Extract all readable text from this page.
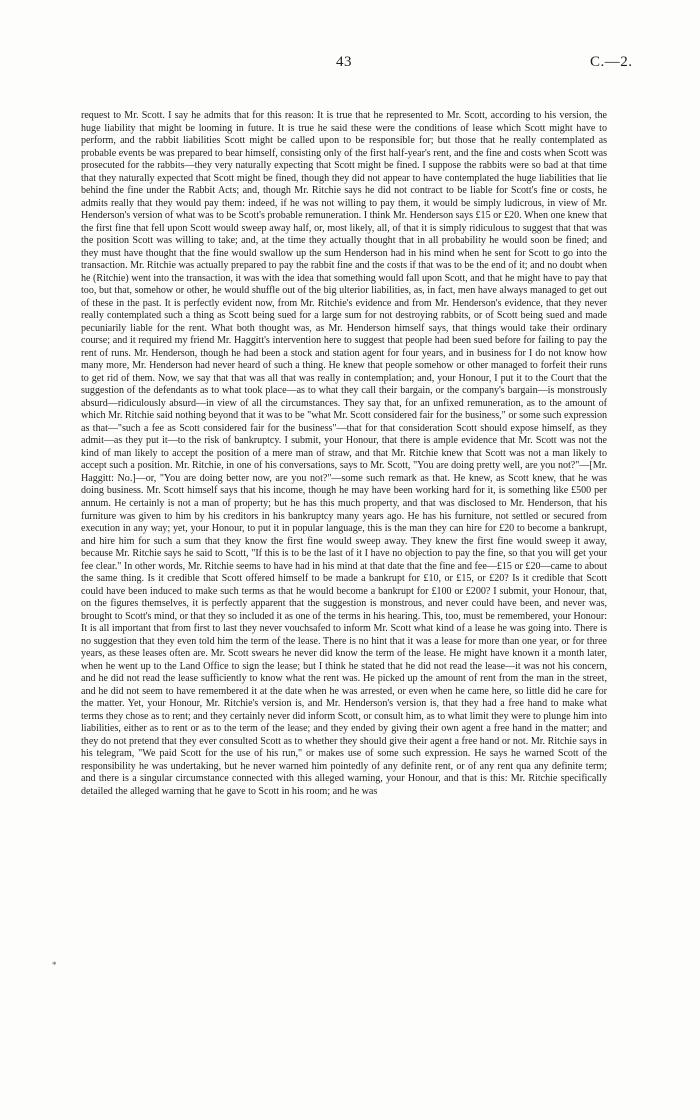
43	C.—2.

request to Mr. Scott. I say he admits that for this reason: It is true that he represented to Mr. Scott, according to his version, the huge liability that might be looming in future. It is true he said these were the conditions of lease which Scott might have to perform, and the rabbit liabilities Scott might be called upon to be responsible for; but those that he really contemplated as probable events be was prepared to bear himself, consisting only of the first half-year's rent, and the fine and costs when Scott was prosecuted for the rabbits—they very naturally expecting that Scott might be fined. I suppose the rabbits were so bad at that time that they naturally expected that Scott might be fined, though they did not appear to have contemplated the huge liabilities that lie behind the fine under the Rabbit Acts; and, though Mr. Ritchie says he did not contract to be liable for Scott's fine or costs, he admits really that they would pay them: indeed, if he was not willing to pay them, it would be simply ludicrous, in view of Mr. Henderson's version of what was to be Scott's probable remuneration. I think Mr. Henderson says £15 or £20. When one knew that the first fine that fell upon Scott would sweep away half, or, most likely, all, of that it is simply ridiculous to suggest that that was the position Scott was willing to take; and, at the time they actually thought that in all probability he would soon be fined; and they must have thought that the fine would swallow up the sum Henderson had in his mind when he sent for Scott to go into the transaction. Mr. Ritchie was actually prepared to pay the rabbit fine and the costs if that was to be the end of it; and no doubt when he (Ritchie) went into the transaction, it was with the idea that something would fall upon Scott, and that he might have to pay that too, but that, somehow or other, he would shuffle out of the big ulterior liabilities, as, in fact, men have always managed to get out of these in the past. It is perfectly evident now, from Mr. Ritchie's evidence and from Mr. Henderson's evidence, that they never really contemplated such a thing as Scott being sued for a large sum for not destroying rabbits, or of Scott being sued and made pecuniarily liable for the rent. What both thought was, as Mr. Henderson himself says, that things would take their ordinary course; and it required my friend Mr. Haggitt's intervention here to suggest that people had been sued before for failing to pay the rent of runs. Mr. Henderson, though he had been a stock and station agent for four years, and in business for I do not know how many more, Mr. Henderson had never heard of such a thing. He knew that people somehow or other managed to forfeit their runs to get rid of them. Now, we say that that was all that was really in contemplation; and, your Honour, I put it to the Court that the suggestion of the defendants as to what took place—as to what they call their bargain, or the company's bargain—is monstrously absurd—ridiculously absurd—in view of all the circumstances. They say that, for an unfixed remuneration, as to the amount of which Mr. Ritchie said nothing beyond that it was to be "what Mr. Scott considered fair for the business," or some such expression as that—"such a fee as Scott considered fair for the business"—that for that consideration Scott should expose himself, as they admit—as they put it—to the risk of bankruptcy. I submit, your Honour, that there is ample evidence that Mr. Scott was not the kind of man likely to accept the position of a mere man of straw, and that Mr. Ritchie knew that Scott was not a man likely to accept such a position. Mr. Ritchie, in one of his conversations, says to Mr. Scott, "You are doing pretty well, are you not?"—[Mr. Haggitt: No.]—or, "You are doing better now, are you not?"—some such remark as that. He knew, as Scott knew, that he was doing business. Mr. Scott himself says that his income, though he may have been working hard for it, is something like £500 per annum. He certainly is not a man of property; but he has this much property, and that was disclosed to Mr. Henderson, that his furniture was given to him by his creditors in his bankruptcy many years ago. He has his furniture, not settled or secured from execution in any way; yet, your Honour, to put it in popular language, this is the man they can hire for £20 to become a bankrupt, and hire him for such a sum that they know the first fine would sweep away. They knew the first fine would sweep it away, because Mr. Ritchie says he said to Scott, "If this is to be the last of it I have no objection to pay the fine, so that you will get your fee clear." In other words, Mr. Ritchie seems to have had in his mind at that date that the fine and fee—£15 or £20—came to about the same thing. Is it credible that Scott offered himself to be made a bankrupt for £10, or £15, or £20? Is it credible that Scott could have been induced to make such terms as that he would become a bankrupt for £100 or £200? I submit, your Honour, that, on the figures themselves, it is perfectly apparent that the suggestion is monstrous, and never could have been, and never was, brought to Scott's mind, or that they so included it as one of the terms in his hearing. This, too, must be remembered, your Honour: It is all important that from first to last they never vouchsafed to inform Mr. Scott what kind of a lease he was going into. There is no suggestion that they even told him the term of the lease. There is no hint that it was a lease for more than one year, or for three years, as these leases often are. Mr. Scott swears he never did know the term of the lease. He might have known it a month later, when he went up to the Land Office to sign the lease; but I think he stated that he did not read the lease—it was not his concern, and he did not read the lease sufficiently to know what the rent was. He picked up the amount of rent from the man in the street, and he did not seem to have remembered it at the date when he was arrested, or even when he came here, so little did he care for the matter. Yet, your Honour, Mr. Ritchie's version is, and Mr. Henderson's version is, that they had a free hand to make what terms they chose as to rent; and they certainly never did inform Scott, or consult him, as to what limit they were to plunge him into liabilities, either as to rent or as to the term of the lease; and they ended by giving their own agent a free hand in the matter; and they do not pretend that they ever consulted Scott as to whether they should give their agent a free hand or not. Mr. Ritchie says in his telegram, "We paid Scott for the use of his run," or makes use of some such expression. He says he warned Scott of the responsibility he was undertaking, but he never warned him pointedly of any definite rent, or of any rent qua any definite term; and there is a singular circumstance connected with this alleged warning, your Honour, and that is this: Mr. Ritchie specifically detailed the alleged warning that he gave to Scott in his room; and he was

*
